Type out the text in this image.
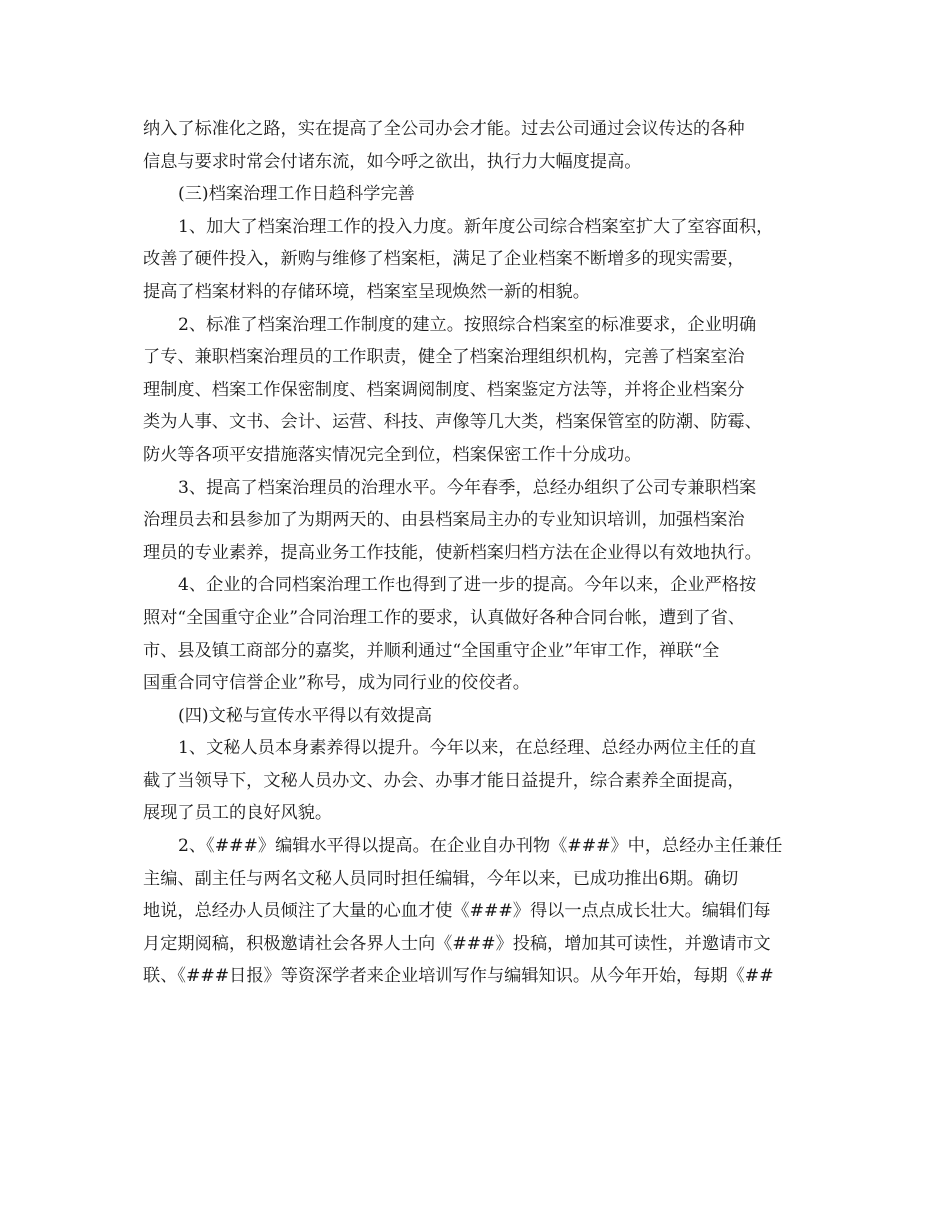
纳入了标准化之路，实在提高了全公司办会才能。过去公司通过会议传达的各种
信息与要求时常会付诸东流，如今呼之欲出，执行力大幅度提高。
(三)档案治理工作日趋科学完善
1、加大了档案治理工作的投入力度。新年度公司综合档案室扩大了室容面积，
改善了硬件投入，新购与维修了档案柜，满足了企业档案不断增多的现实需要，
提高了档案材料的存储环境，档案室呈现焕然一新的相貌。
2、标准了档案治理工作制度的建立。按照综合档案室的标准要求，企业明确
了专、兼职档案治理员的工作职责，健全了档案治理组织机构，完善了档案室治
理制度、档案工作保密制度、档案调阅制度、档案鉴定方法等，并将企业档案分
类为人事、文书、会计、运营、科技、声像等几大类，档案保管室的防潮、防霉、
防火等各项平安措施落实情况完全到位，档案保密工作十分成功。
3、提高了档案治理员的治理水平。今年春季，总经办组织了公司专兼职档案
治理员去和县参加了为期两天的、由县档案局主办的专业知识培训，加强档案治
理员的专业素养，提高业务工作技能，使新档案归档方法在企业得以有效地执行。
4、企业的合同档案治理工作也得到了进一步的提高。今年以来，企业严格按
照对“全国重守企业”合同治理工作的要求，认真做好各种合同台帐，遭到了省、
市、县及镇工商部分的嘉奖，并顺利通过“全国重守企业”年审工作，禅联“全
国重合同守信誉企业”称号，成为同行业的佼佼者。
(四)文秘与宣传水平得以有效提高
1、文秘人员本身素养得以提升。今年以来，在总经理、总经办两位主任的直
截了当领导下，文秘人员办文、办会、办事才能日益提升，综合素养全面提高，
展现了员工的良好风貌。
2、《###》编辑水平得以提高。在企业自办刊物《###》中，总经办主任兼任
主编、副主任与两名文秘人员同时担任编辑，今年以来，已成功推出6期。确切
地说，总经办人员倾注了大量的心血才使《###》得以一点点成长壮大。编辑们每
月定期阅稿，积极邀请社会各界人士向《###》投稿，增加其可读性，并邀请市文
联、《###日报》等资深学者来企业培训写作与编辑知识。从今年开始，每期《##
